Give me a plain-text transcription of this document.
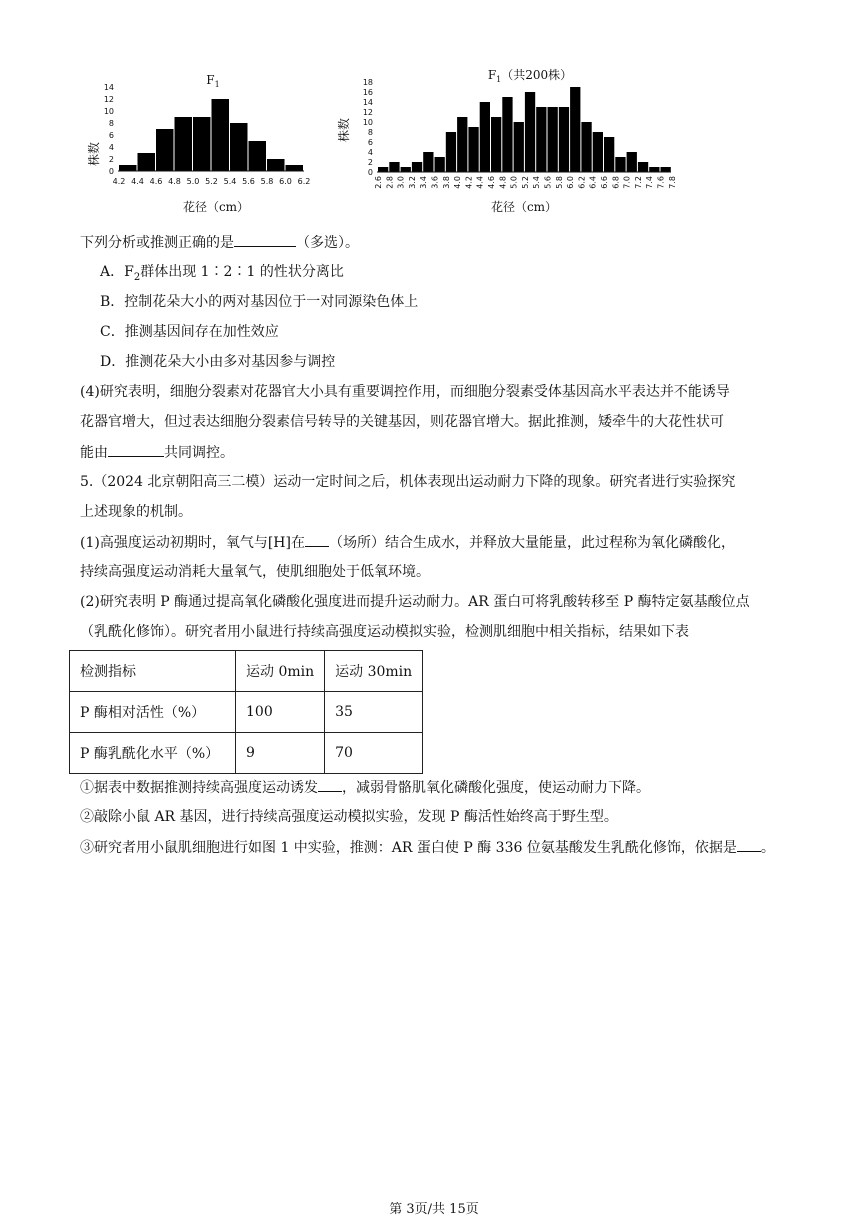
$F_1$
株数
0
2
4
6
8
10
12
14
4.2 4.4 4.6 4.8 5.0 5.2 5.4 5.6 5.8 6.0 6.2
花径（cm）
$F_1$（共200株）
株数
0
2
4
6
8
10
12
14
16
18
2.6 2.8 3.0 3.2 3.4 3.6 3.8 4.0 4.2 4.4 4.6 4.8 5.0 5.2 5.4 5.6 5.8 6.0 6.2 6.4 6.6 6.8 7.0 7.2 7.4 7.6 7.8
花径（cm）
下列分析或推测正确的是	（多选）。
A．$F_2$群体出现 1∶2∶1 的性状分离比
B．控制花朵大小的两对基因位于一对同源染色体上
C．推测基因间存在加性效应
D．推测花朵大小由多对基因参与调控
(4)研究表明，细胞分裂素对花器官大小具有重要调控作用，而细胞分裂素受体基因高水平表达并不能诱导
花器官增大，但过表达细胞分裂素信号转导的关键基因，则花器官增大。据此推测，矮牵牛的大花性状可
能由	共同调控。
5.（2024 北京朝阳高三二模）运动一定时间之后，机体表现出运动耐力下降的现象。研究者进行实验探究
上述现象的机制。
(1)高强度运动初期时，氧气与[H]在 （场所）结合生成水，并释放大量能量，此过程称为氧化磷酸化，
持续高强度运动消耗大量氧气，使肌细胞处于低氧环境。
(2)研究表明 P 酶通过提高氧化磷酸化强度进而提升运动耐力。AR 蛋白可将乳酸转移至 P 酶特定氨基酸位点
（乳酰化修饰）。研究者用小鼠进行持续高强度运动模拟实验，检测肌细胞中相关指标，结果如下表
检测指标	运动 0min	运动 30min
P 酶相对活性（%）	100	35
P 酶乳酰化水平（%）	9	70
①据表中数据推测持续高强度运动诱发 ，减弱骨骼肌氧化磷酸化强度，使运动耐力下降。
②敲除小鼠 AR 基因，进行持续高强度运动模拟实验，发现 P 酶活性始终高于野生型。
③研究者用小鼠肌细胞进行如图 1 中实验，推测：AR 蛋白使 P 酶 336 位氨基酸发生乳酰化修饰，依据是 。
第 3页/共 15页
